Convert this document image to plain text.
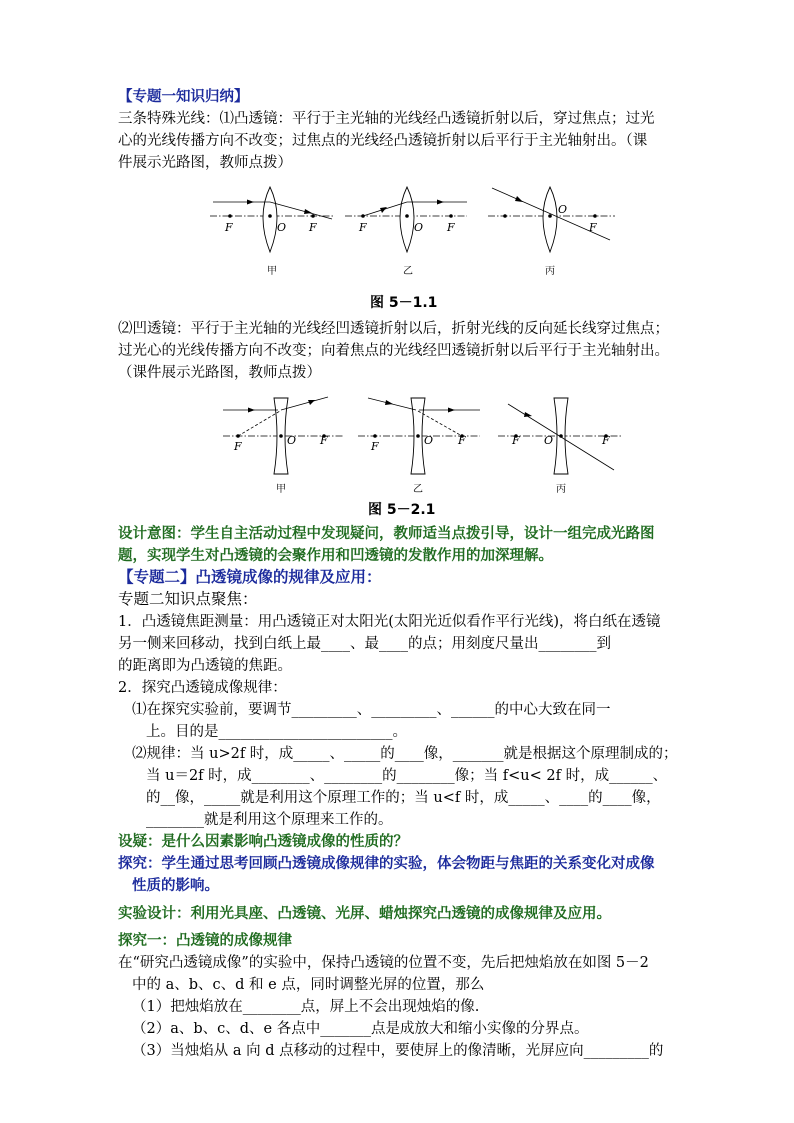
【专题一知识归纳】
三条特殊光线：⑴凸透镜：平行于主光轴的光线经凸透镜折射以后，穿过焦点；过光
心的光线传播方向不改变；过焦点的光线经凸透镜折射以后平行于主光轴射出。（课
件展示光路图，教师点拨）
F	O F
甲
F	O F
乙
O
F
丙
图 5－1.1
⑵凹透镜：平行于主光轴的光线经凹透镜折射以后，折射光线的反向延长线穿过焦点；
过光心的光线传播方向不改变；向着焦点的光线经凹透镜折射以后平行于主光轴射出。
（课件展示光路图，教师点拨）
F	O F
甲
F	O F
乙
F O	F
丙
图 5－2.1
设计意图：学生自主活动过程中发现疑问，教师适当点拨引导，设计一组完成光路图
题，实现学生对凸透镜的会聚作用和凹透镜的发散作用的加深理解。
【专题二】凸透镜成像的规律及应用：
专题二知识点聚焦：
1．凸透镜焦距测量：用凸透镜正对太阳光(太阳光近似看作平行光线)，将白纸在透镜
另一侧来回移动，找到白纸上最____、最____的点；用刻度尺量出________到
的距离即为凸透镜的焦距。
2．探究凸透镜成像规律：
⑴在探究实验前，要调节_________、_________、______的中心大致在同一
上。目的是________________________。
⑵规律：当 u>2f 时，成_____、_____的____像，_______就是根据这个原理制成的；
当 u＝2f 时，成________、________的________像；当 f<u< 2f 时，成______、
的__像，_____就是利用这个原理工作的；当 u<f 时，成_____、____的____像，
________就是利用这个原理来工作的。
设疑：是什么因素影响凸透镜成像的性质的？
探究：学生通过思考回顾凸透镜成像规律的实验，体会物距与焦距的关系变化对成像
性质的影响。
实验设计：利用光具座、凸透镜、光屏、蜡烛探究凸透镜的成像规律及应用。
探究一：凸透镜的成像规律
在“研究凸透镜成像”的实验中，保持凸透镜的位置不变，先后把烛焰放在如图 5－2
中的 a、b、c、d 和 e 点，同时调整光屏的位置，那么
（1）把烛焰放在________点，屏上不会出现烛焰的像.
（2）a、b、c、d、e 各点中_______点是成放大和缩小实像的分界点。
（3）当烛焰从 a 向 d 点移动的过程中，要使屏上的像清晰，光屏应向_________的
